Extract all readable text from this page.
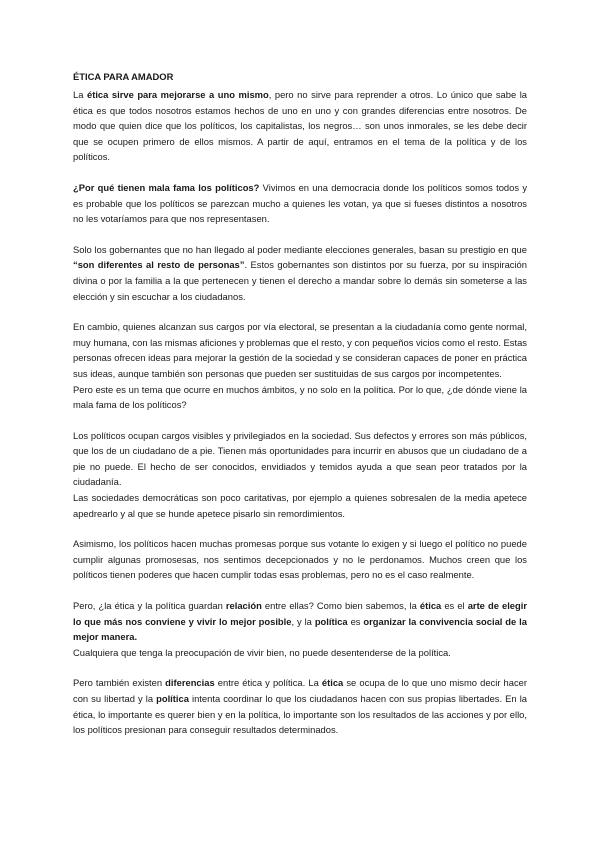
ÉTICA PARA AMADOR

La ética sirve para mejorarse a uno mismo, pero no sirve para reprender a otros. Lo único que sabe la ética es que todos nosotros estamos hechos de uno en uno y con grandes diferencias entre nosotros. De modo que quien dice que los políticos, los capitalistas, los negros… son unos inmorales, se les debe decir que se ocupen primero de ellos mismos. A partir de aquí, entramos en el tema de la política y de los políticos.

¿Por qué tienen mala fama los políticos? Vivimos en una democracia donde los políticos somos todos y es probable que los políticos se parezcan mucho a quienes les votan, ya que si fueses distintos a nosotros no les votaríamos para que nos representasen.

Solo los gobernantes que no han llegado al poder mediante elecciones generales, basan su prestigio en que “son diferentes al resto de personas”. Estos gobernantes son distintos por su fuerza, por su inspiración divina o por la familia a la que pertenecen y tienen el derecho a mandar sobre lo demás sin someterse a las elección y sin escuchar a los ciudadanos.

En cambio, quienes alcanzan sus cargos por vía electoral, se presentan a la ciudadanía como gente normal, muy humana, con las mismas aficiones y problemas que el resto, y con pequeños vicios como el resto. Estas personas ofrecen ideas para mejorar la gestión de la sociedad y se consideran capaces de poner en práctica sus ideas, aunque también son personas que pueden ser sustituidas de sus cargos por incompetentes.

Pero este es un tema que ocurre en muchos ámbitos, y no solo en la política. Por lo que, ¿de dónde viene la mala fama de los políticos?

Los políticos ocupan cargos visibles y privilegiados en la sociedad. Sus defectos y errores son más públicos, que los de un ciudadano de a pie. Tienen más oportunidades para incurrir en abusos que un ciudadano de a pie no puede. El hecho de ser conocidos, envidiados y temidos ayuda a que sean peor tratados por la ciudadanía.

Las sociedades democráticas son poco caritativas, por ejemplo a quienes sobresalen de la media apetece apedrearlo y al que se hunde apetece pisarlo sin remordimientos.

Asimismo, los políticos hacen muchas promesas porque sus votante lo exigen y si luego el político no puede cumplir algunas promosesas, nos sentimos decepcionados y no le perdonamos. Muchos creen que los políticos tienen poderes que hacen cumplir todas esas problemas, pero no es el caso realmente.

Pero, ¿la ética y la política guardan relación entre ellas? Como bien sabemos, la ética es el arte de elegir lo que más nos conviene y vivir lo mejor posible, y la política es organizar la convivencia social de la mejor manera.

Cualquiera que tenga la preocupación de vivir bien, no puede desentenderse de la política.

Pero también existen diferencias entre ética y política. La ética se ocupa de lo que uno mismo decir hacer con su libertad y la política intenta coordinar lo que los ciudadanos hacen con sus propias libertades. En la ética, lo importante es querer bien y en la política, lo importante son los resultados de las acciones y por ello, los políticos presionan para conseguir resultados determinados.
